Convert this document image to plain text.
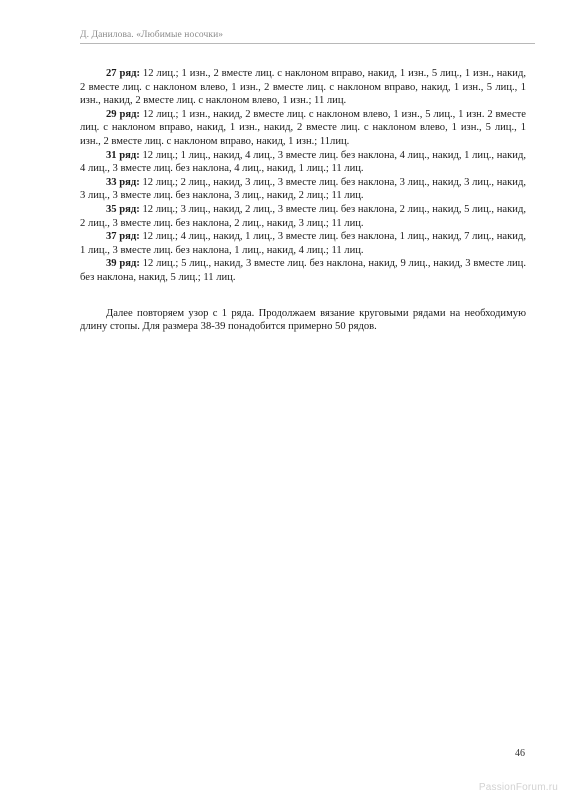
Д. Данилова. «Любимые носочки»

27 ряд: 12 лиц.; 1 изн., 2 вместе лиц. с наклоном вправо, накид, 1 изн., 5 лиц., 1 изн., накид, 2 вместе лиц. с наклоном влево, 1 изн., 2 вместе лиц. с наклоном вправо, накид, 1 изн., 5 лиц., 1 изн., накид, 2 вместе лиц. с наклоном влево, 1 изн.; 11 лиц.

29 ряд: 12 лиц.; 1 изн., накид, 2 вместе лиц. с наклоном влево, 1 изн., 5 лиц., 1 изн. 2 вместе лиц. с наклоном вправо, накид, 1 изн., накид, 2 вместе лиц. с наклоном влево, 1 изн., 5 лиц., 1 изн., 2 вместе лиц. с наклоном вправо, накид, 1 изн.; 11лиц.

31 ряд: 12 лиц.; 1 лиц., накид, 4 лиц., 3 вместе лиц. без наклона, 4 лиц., накид, 1 лиц., накид, 4 лиц., 3 вместе лиц. без наклона, 4 лиц., накид, 1 лиц.; 11 лиц.

33 ряд: 12 лиц.; 2 лиц., накид, 3 лиц., 3 вместе лиц. без наклона, 3 лиц., накид, 3 лиц., накид, 3 лиц., 3 вместе лиц. без наклона, 3 лиц., накид, 2 лиц.; 11 лиц.

35 ряд: 12 лиц.; 3 лиц., накид, 2 лиц., 3 вместе лиц. без наклона, 2 лиц., накид, 5 лиц., накид, 2 лиц., 3 вместе лиц. без наклона, 2 лиц., накид, 3 лиц.; 11 лиц.

37 ряд: 12 лиц.; 4 лиц., накид, 1 лиц., 3 вместе лиц. без наклона, 1 лиц., накид, 7 лиц., накид, 1 лиц., 3 вместе лиц. без наклона, 1 лиц., накид, 4 лиц.; 11 лиц.

39 ряд: 12 лиц.; 5 лиц., накид, 3 вместе лиц. без наклона, накид, 9 лиц., накид, 3 вместе лиц. без наклона, накид, 5 лиц.; 11 лиц.

Далее повторяем узор с 1 ряда. Продолжаем вязание круговыми рядами на необходимую длину стопы. Для размера 38-39 понадобится примерно 50 рядов.

46
PassionForum.ru
